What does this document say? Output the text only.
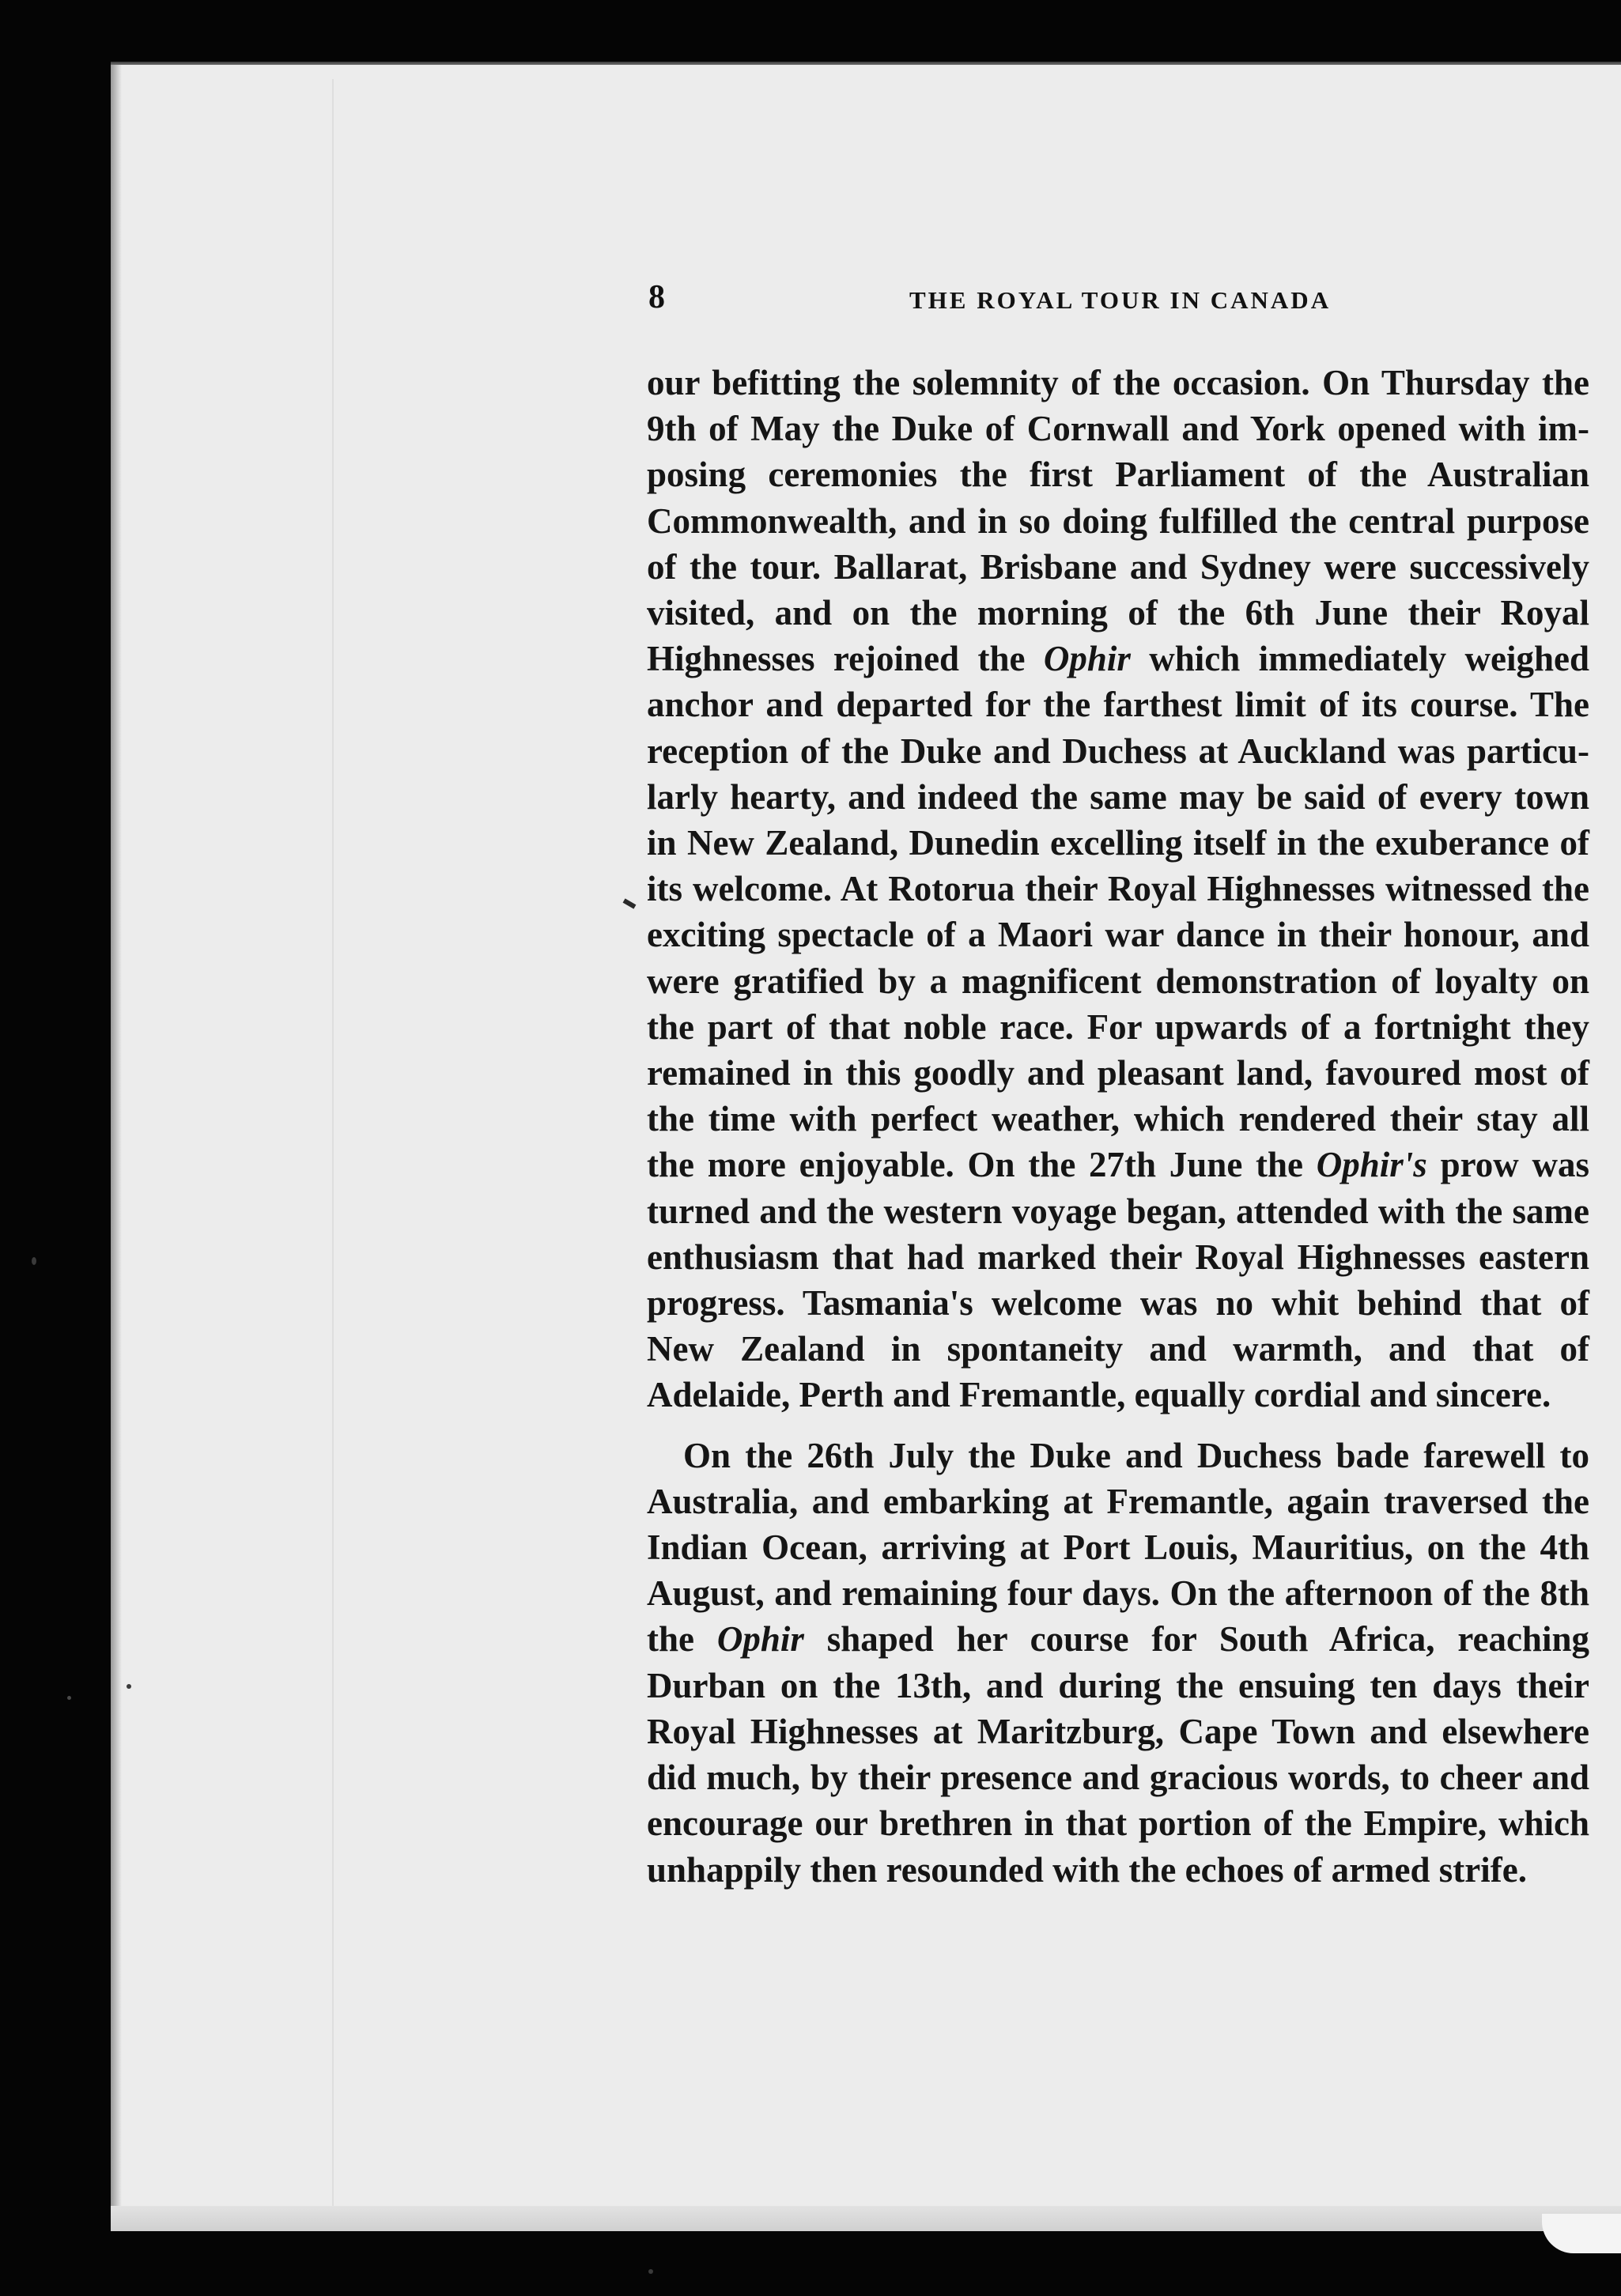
8	THE ROYAL TOUR IN CANADA

our befitting the solemnity of the occasion. On Thursday the 9th of May the Duke of Cornwall and York opened with imposing ceremonies the first Parliament of the Australian Commonwealth, and in so doing fulfilled the central purpose of the tour. Ballarat, Brisbane and Sydney were successively visited, and on the morning of the 6th June their Royal Highnesses rejoined the Ophir which immediately weighed anchor and departed for the farthest limit of its course. The reception of the Duke and Duchess at Auckland was particularly hearty, and indeed the same may be said of every town in New Zealand, Dunedin excelling itself in the exuberance of its welcome. At Rotorua their Royal Highnesses witnessed the exciting spectacle of a Maori war dance in their honour, and were gratified by a magnificent demonstration of loyalty on the part of that noble race. For upwards of a fortnight they remained in this goodly and pleasant land, favoured most of the time with perfect weather, which rendered their stay all the more enjoyable. On the 27th June the Ophir's prow was turned and the western voyage began, attended with the same enthusiasm that had marked their Royal Highnesses eastern progress. Tasmania's welcome was no whit behind that of New Zealand in spontaneity and warmth, and that of Adelaide, Perth and Fremantle, equally cordial and sincere.

On the 26th July the Duke and Duchess bade farewell to Australia, and embarking at Fremantle, again traversed the Indian Ocean, arriving at Port Louis, Mauritius, on the 4th August, and remaining four days. On the afternoon of the 8th the Ophir shaped her course for South Africa, reaching Durban on the 13th, and during the ensuing ten days their Royal Highnesses at Maritzburg, Cape Town and elsewhere did much, by their presence and gracious words, to cheer and encourage our brethren in that portion of the Empire, which unhappily then resounded with the echoes of armed strife.
